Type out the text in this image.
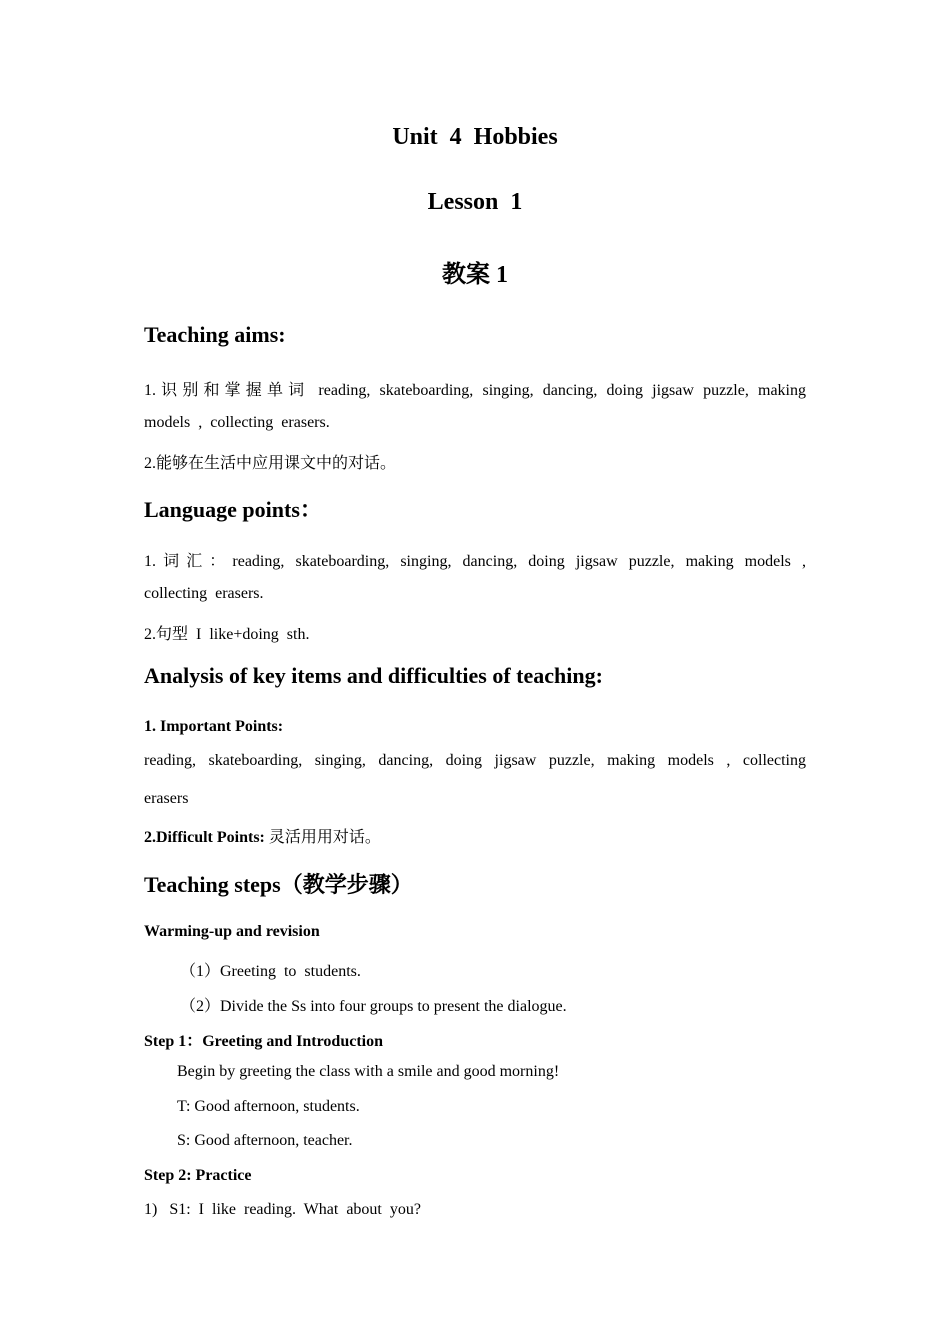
Unit  4  Hobbies
Lesson  1
教案 1
Teaching aims:
1.识别和掌握单词 reading, skateboarding, singing, dancing, doing jigsaw puzzle, making
models  ,  collecting  erasers.
2.能够在生活中应用课文中的对话。
Language points：
1.词汇：reading, skateboarding, singing, dancing, doing jigsaw puzzle, making models ,
collecting  erasers.
2.句型  I  like+doing  sth.
Analysis of key items and difficulties of teaching:
1. Important Points:
reading, skateboarding, singing, dancing, doing jigsaw puzzle, making models , collecting
erasers
2.Difficult Points: 灵活用用对话。
Teaching steps（教学步骤）
Warming-up and revision
（1）Greeting  to  students.
（2）Divide the Ss into four groups to present the dialogue.
Step 1：Greeting and Introduction
Begin by greeting the class with a smile and good morning!
T: Good afternoon, students.
S: Good afternoon, teacher.
Step 2: Practice
1)   S1:  I  like  reading.  What  about  you?
